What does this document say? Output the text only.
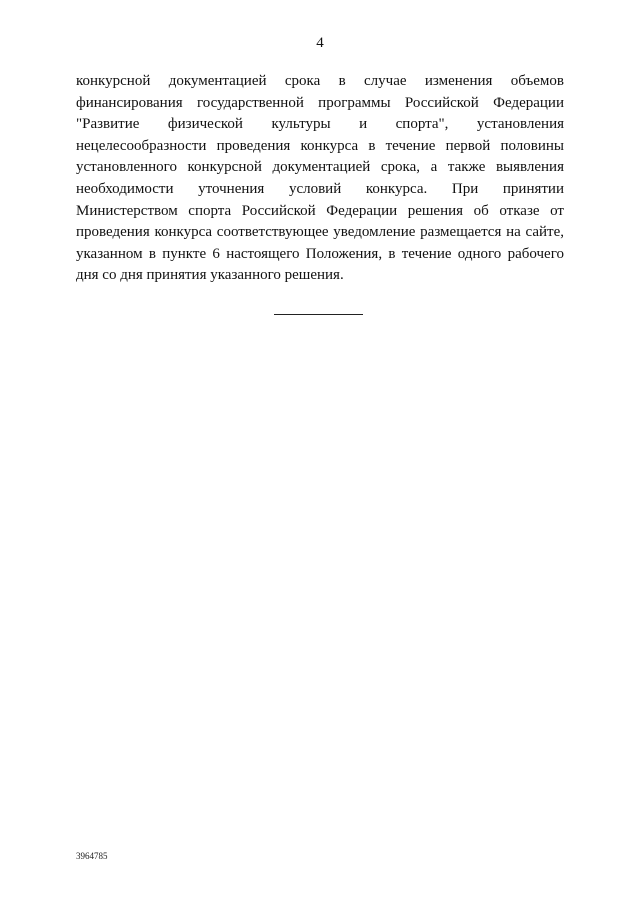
4
конкурсной документацией срока в случае изменения объемов
финансирования государственной программы Российской Федерации
"Развитие физической культуры и спорта", установления
нецелесообразности проведения конкурса в течение первой половины
установленного конкурсной документацией срока, а также выявления
необходимости уточнения условий конкурса. При принятии
Министерством спорта Российской Федерации решения об отказе от
проведения конкурса соответствующее уведомление размещается на сайте,
указанном в пункте 6 настоящего Положения, в течение одного рабочего
дня со дня принятия указанного решения.
3964785
